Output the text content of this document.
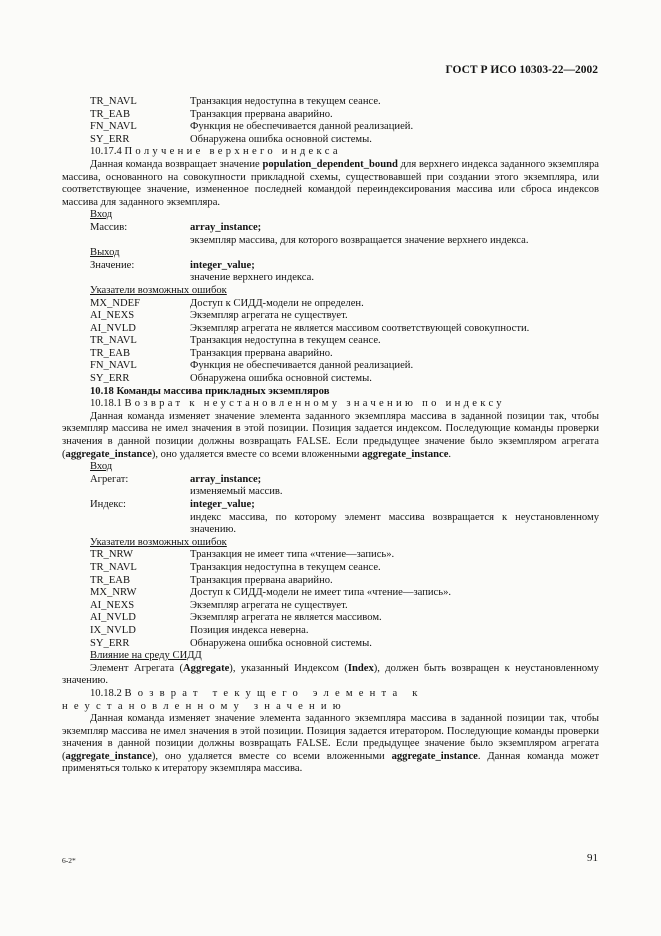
ГОСТ Р ИСО 10303-22—2002
TR_NAVL	Транзакция недоступна в текущем сеансе.
TR_EAB	Транзакция прервана аварийно.
FN_NAVL	Функция не обеспечивается данной реализацией.
SY_ERR	Обнаружена ошибка основной системы.
10.17.4 Получение верхнего индекса
Данная команда возвращает значение population_dependent_bound для верхнего индекса заданного экземпляра массива, основанного на совокупности прикладной схемы, существовавшей при создании этого экземпляра, или соответствующее значение, измененное последней командой переиндексирования массива или сброса индексов массива для заданного экземпляра.
Вход
Массив:	array_instance;
экземпляр массива, для которого возвращается значение верхнего индекса.
Выход
Значение:	integer_value;
значение верхнего индекса.
Указатели возможных ошибок
MX_NDEF	Доступ к СИДД-модели не определен.
AI_NEXS	Экземпляр агрегата не существует.
AI_NVLD	Экземпляр агрегата не является массивом соответствующей совокупности.
TR_NAVL	Транзакция недоступна в текущем сеансе.
TR_EAB	Транзакция прервана аварийно.
FN_NAVL	Функция не обеспечивается данной реализацией.
SY_ERR	Обнаружена ошибка основной системы.
10.18 Команды массива прикладных экземпляров
10.18.1 Возврат к неустановленному значению по индексу
Данная команда изменяет значение элемента заданного экземпляра массива в заданной позиции так, чтобы экземпляр массива не имел значения в этой позиции. Позиция задается индексом. Последующие команды проверки значения в данной позиции должны возвращать FALSE. Если предыдущее значение было экземпляром агрегата (aggregate_instance), оно удаляется вместе со всеми вложенными aggregate_instance.
Вход
Агрегат:	array_instance;
изменяемый массив.
Индекс:	integer_value;
индекс массива, по которому элемент массива возвращается к неустановленному значению.
Указатели возможных ошибок
TR_NRW	Транзакция не имеет типа «чтение—запись».
TR_NAVL	Транзакция недоступна в текущем сеансе.
TR_EAB	Транзакция прервана аварийно.
MX_NRW	Доступ к СИДД-модели не имеет типа «чтение—запись».
AI_NEXS	Экземпляр агрегата не существует.
AI_NVLD	Экземпляр агрегата не является массивом.
IX_NVLD	Позиция индекса неверна.
SY_ERR	Обнаружена ошибка основной системы.
Влияние на среду СИДД
Элемент Агрегата (Aggregate), указанный Индексом (Index), должен быть возвращен к неустановленному значению.
10.18.2 Возврат текущего элемента к неустановленному значению
Данная команда изменяет значение элемента заданного экземпляра массива в заданной позиции так, чтобы экземпляр массива не имел значения в этой позиции. Позиция задается итератором. Последующие команды проверки значения в данной позиции должны возвращать FALSE. Если предыдущее значение было экземпляром агрегата (aggregate_instance), оно удаляется вместе со всеми вложенными aggregate_instance. Данная команда может применяться только к итератору экземпляра массива.
6-2*	91
